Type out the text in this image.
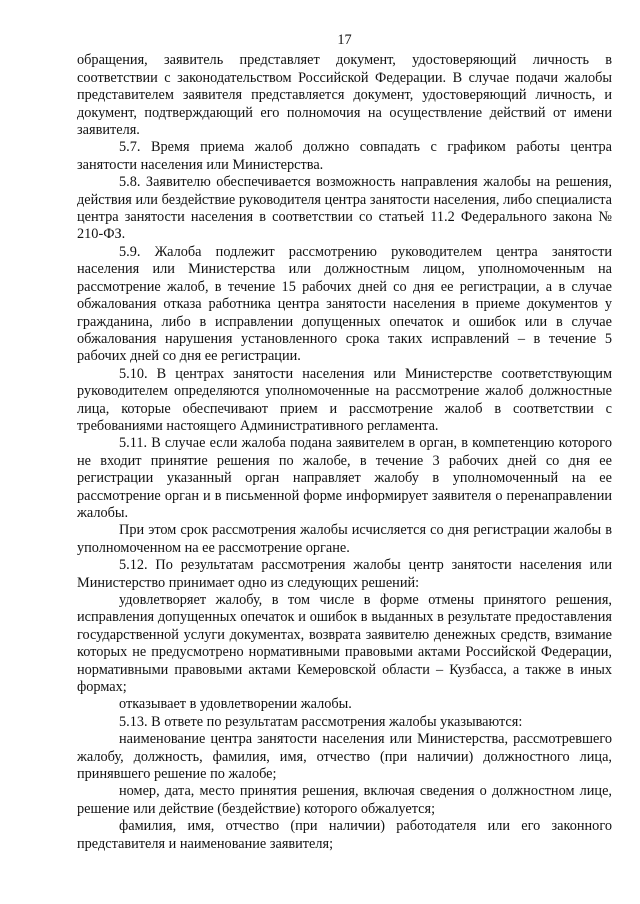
17
обращения, заявитель представляет документ, удостоверяющий личность в соответствии с законодательством Российской Федерации. В случае подачи жалобы представителем заявителя представляется документ, удостоверяющий личность, и документ, подтверждающий его полномочия на осуществление действий от имени заявителя.
5.7. Время приема жалоб должно совпадать с графиком работы центра занятости населения или Министерства.
5.8. Заявителю обеспечивается возможность направления жалобы на решения, действия или бездействие руководителя центра занятости населения, либо специалиста центра занятости населения в соответствии со статьей 11.2 Федерального закона № 210-ФЗ.
5.9. Жалоба подлежит рассмотрению руководителем центра занятости населения или Министерства или должностным лицом, уполномоченным на рассмотрение жалоб, в течение 15 рабочих дней со дня ее регистрации, а в случае обжалования отказа работника центра занятости населения в приеме документов у гражданина, либо в исправлении допущенных опечаток и ошибок или в случае обжалования нарушения установленного срока таких исправлений – в течение 5 рабочих дней со дня ее регистрации.
5.10. В центрах занятости населения или Министерстве соответствующим руководителем определяются уполномоченные на рассмотрение жалоб должностные лица, которые обеспечивают прием и рассмотрение жалоб в соответствии с требованиями настоящего Административного регламента.
5.11. В случае если жалоба подана заявителем в орган, в компетенцию которого не входит принятие решения по жалобе, в течение 3 рабочих дней со дня ее регистрации указанный орган направляет жалобу в уполномоченный на ее рассмотрение орган и в письменной форме информирует заявителя о перенаправлении жалобы.
При этом срок рассмотрения жалобы исчисляется со дня регистрации жалобы в уполномоченном на ее рассмотрение органе.
5.12. По результатам рассмотрения жалобы центр занятости населения или Министерство принимает одно из следующих решений:
удовлетворяет жалобу, в том числе в форме отмены принятого решения, исправления допущенных опечаток и ошибок в выданных в результате предоставления государственной услуги документах, возврата заявителю денежных средств, взимание которых не предусмотрено нормативными правовыми актами Российской Федерации, нормативными правовыми актами Кемеровской области – Кузбасса, а также в иных формах;
отказывает в удовлетворении жалобы.
5.13. В ответе по результатам рассмотрения жалобы указываются:
наименование центра занятости населения или Министерства, рассмотревшего жалобу, должность, фамилия, имя, отчество (при наличии) должностного лица, принявшего решение по жалобе;
номер, дата, место принятия решения, включая сведения о должностном лице, решение или действие (бездействие) которого обжалуется;
фамилия, имя, отчество (при наличии) работодателя или его законного представителя и наименование заявителя;
